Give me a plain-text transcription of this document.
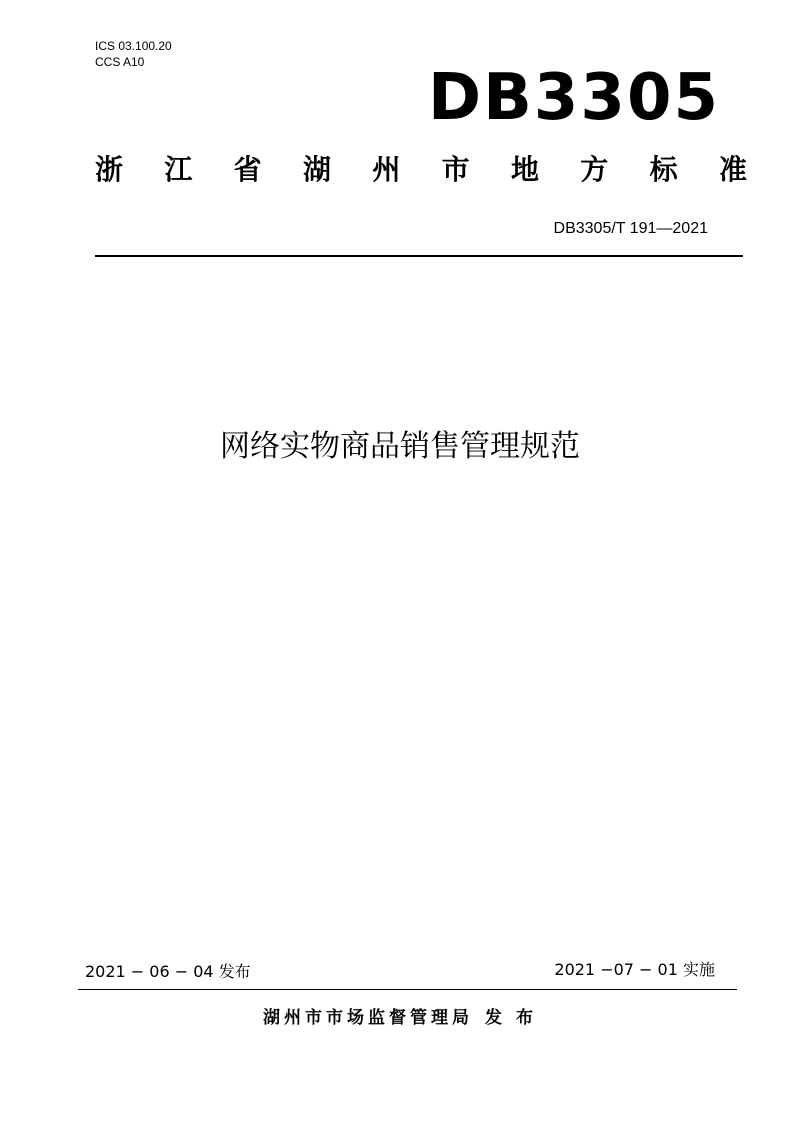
ICS 03.100.20
CCS A10	DB3305
浙 江 省 湖 州 市 地 方 标 准
DB3305/T 191—2021
网络实物商品销售管理规范
2021 − 06 − 04 发布	2021 −07 − 01 实施
湖州市市场监督管理局 发 布
